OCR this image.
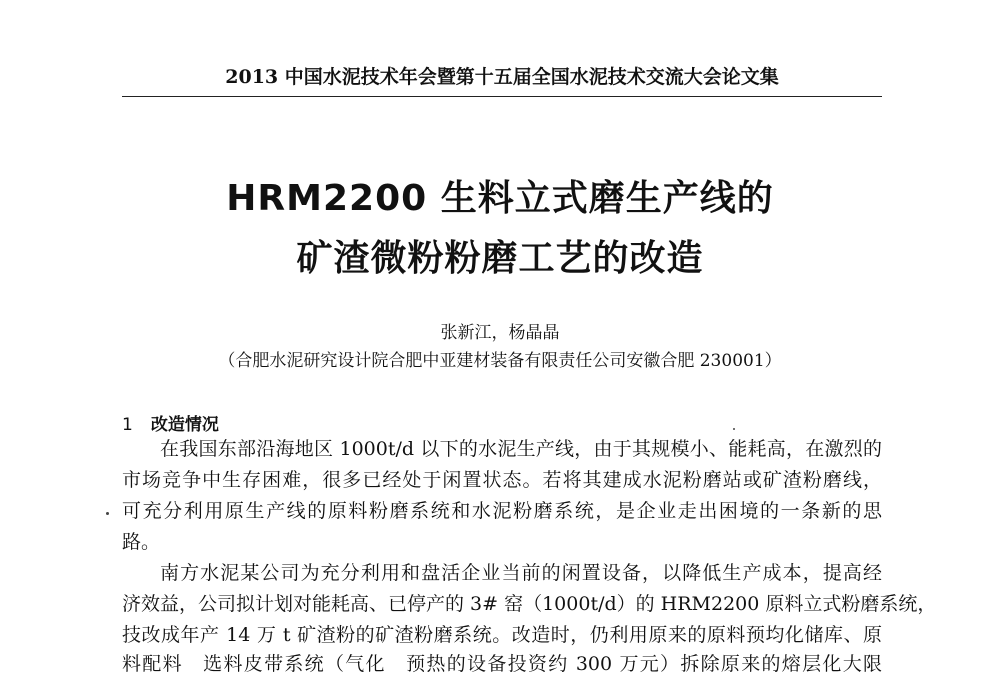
2013 中国水泥技术年会暨第十五届全国水泥技术交流大会论文集
HRM2200 生料立式磨生产线的
矿渣微粉粉磨工艺的改造
张新江，杨晶晶
（合肥水泥研究设计院合肥中亚建材装备有限责任公司安徽合肥 230001）
1 改造情况
在我国东部沿海地区 1000t/d 以下的水泥生产线，由于其规模小、能耗高，在激烈的
市场竞争中生存困难，很多已经处于闲置状态。若将其建成水泥粉磨站或矿渣粉磨线，
可充分利用原生产线的原料粉磨系统和水泥粉磨系统，是企业走出困境的一条新的思
路。
南方水泥某公司为充分利用和盘活企业当前的闲置设备，以降低生产成本，提高经
济效益，公司拟计划对能耗高、已停产的 3# 窑（1000t/d）的 HRM2200 原料立式粉磨系统，
技改成年产 14 万 t 矿渣粉的矿渣粉磨系统。改造时，仍利用原来的原料预均化储库、原
料配料　选料皮带系统（气化　预热的设备投资约 300 万元）拆除原来的熔层化大限
